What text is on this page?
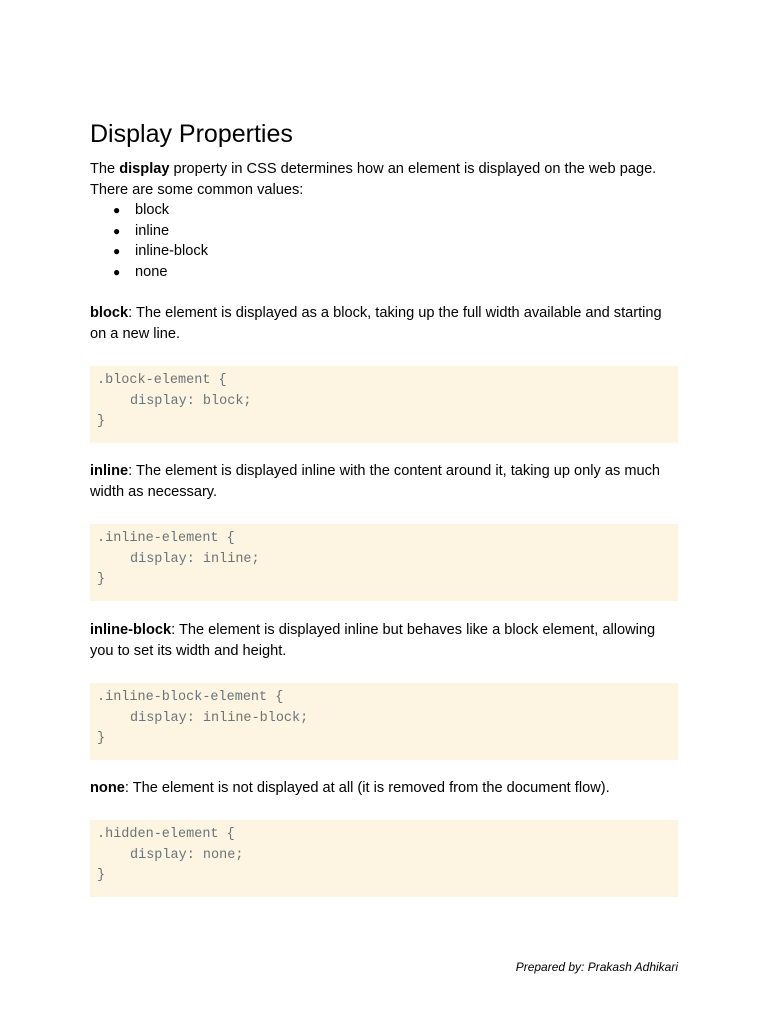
Display Properties

The display property in CSS determines how an element is displayed on the web page. There are some common values:

● block
● inline
● inline-block
● none

block: The element is displayed as a block, taking up the full width available and starting on a new line.

.block-element {
display: block;
}

inline: The element is displayed inline with the content around it, taking up only as much width as necessary.

.inline-element {
display: inline;
}

inline-block: The element is displayed inline but behaves like a block element, allowing you to set its width and height.

.inline-block-element {
display: inline-block;
}

none: The element is not displayed at all (it is removed from the document flow).

.hidden-element {
display: none;
}
Prepared by: Prakash Adhikari
